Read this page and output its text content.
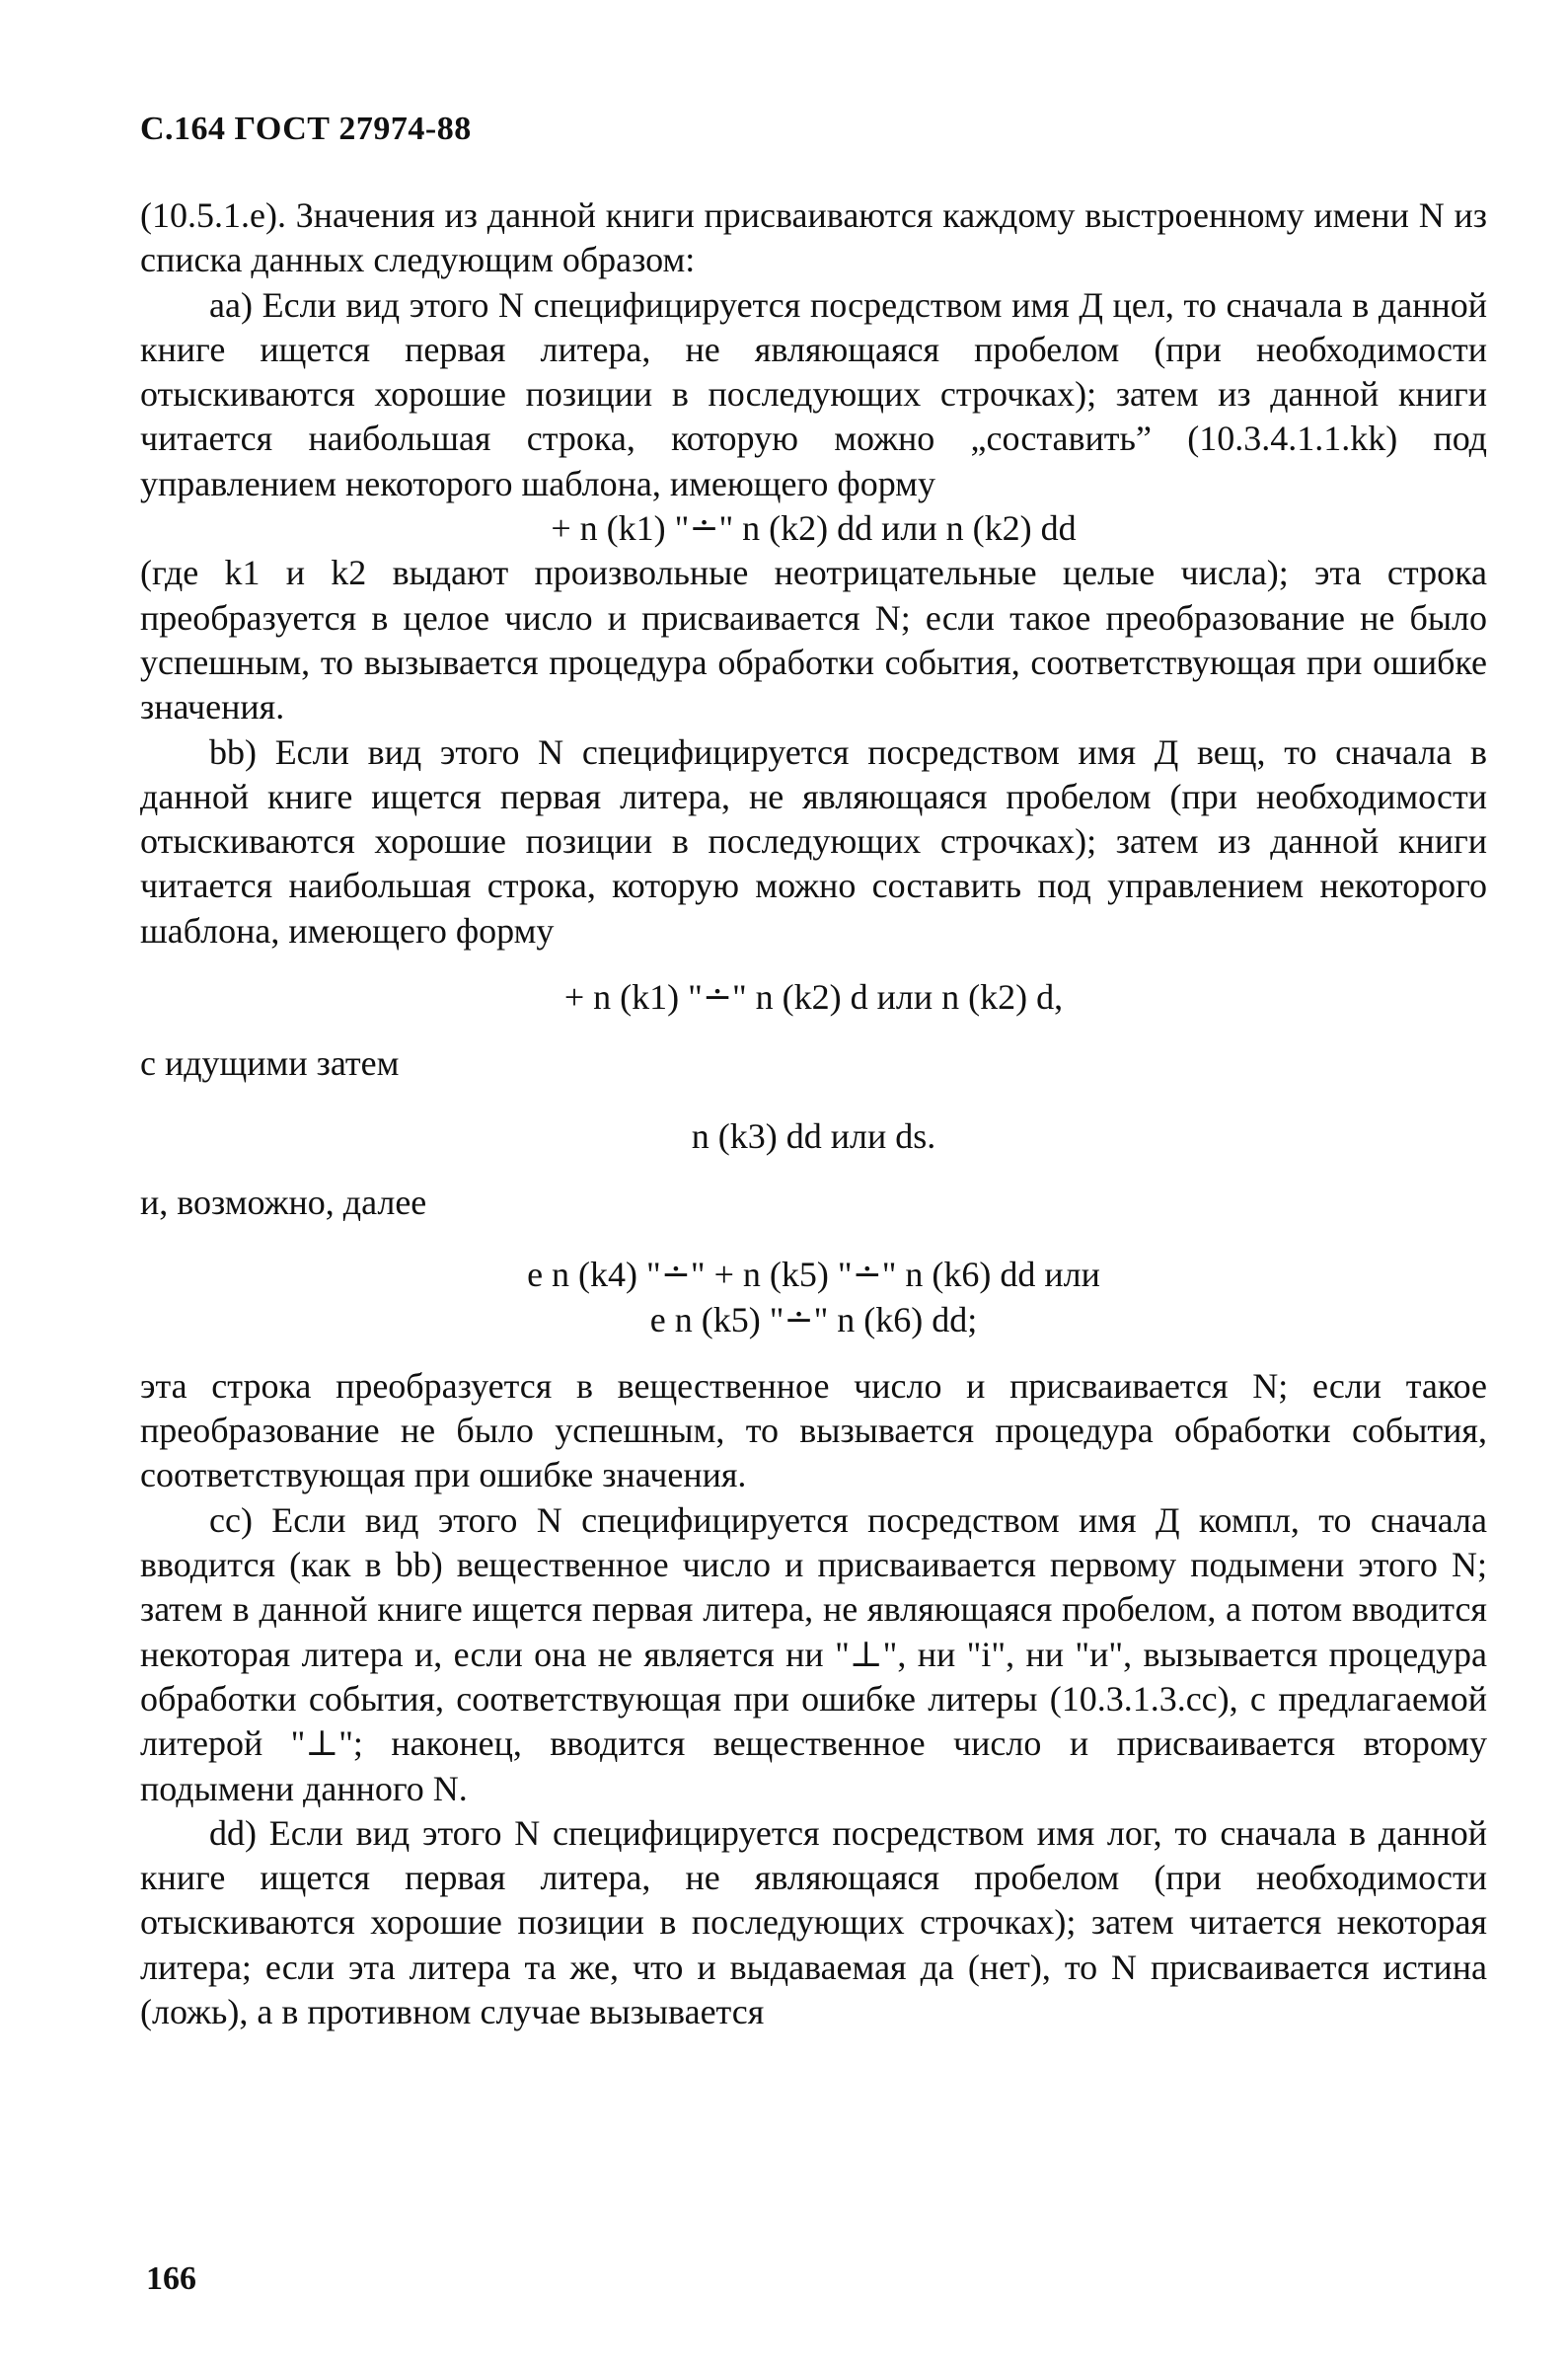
С.164 ГОСТ 27974-88

(10.5.1.е). Значения из данной книги присваиваются каждому выстроенному имени N из списка данных следующим образом:

аа) Если вид этого N специфицируется посредством имя Д цел, то сначала в данной книге ищется первая литера, не являющаяся пробелом (при необходимости отыскиваются хорошие позиции в последующих строчках); затем из данной книги читается наибольшая строка, которую можно „составить” (10.3.4.1.1.kk) под управлением некоторого шаблона, имеющего форму

+ n (k1) "∸" n (k2) dd или n (k2) dd

(где k1 и k2 выдают произвольные неотрицательные целые числа); эта строка преобразуется в целое число и присваивается N; если такое преобразование не было успешным, то вызывается процедура обработки события, соответствующая при ошибке значения.

bb) Если вид этого N специфицируется посредством имя Д вещ, то сначала в данной книге ищется первая литера, не являющаяся пробелом (при необходимости отыскиваются хорошие позиции в последующих строчках); затем из данной книги читается наибольшая строка, которую можно составить под управлением некоторого шаблона, имеющего форму

+ n (k1) "∸" n (k2) d или n (k2) d,

с идущими затем

n (k3) dd или ds.

и, возможно, далее

e n (k4) "∸" + n (k5) "∸" n (k6) dd или

e n (k5) "∸" n (k6) dd;

эта строка преобразуется в вещественное число и присваивается N; если такое преобразование не было успешным, то вызывается процедура обработки события, соответствующая при ошибке значения.

cc) Если вид этого N специфицируется посредством имя Д компл, то сначала вводится (как в bb) вещественное число и присваивается первому подымени этого N; затем в данной книге ищется первая литера, не являющаяся пробелом, а потом вводится некоторая литера и, если она не является ни "⊥", ни "i", ни "и", вызывается процедура обработки события, соответствующая при ошибке литеры (10.3.1.3.cc), с предлагаемой литерой "⊥"; наконец, вводится вещественное число и присваивается второму подымени данного N.

dd) Если вид этого N специфицируется посредством имя лог, то сначала в данной книге ищется первая литера, не являющаяся пробелом (при необходимости отыскиваются хорошие позиции в последующих строчках); затем читается некоторая литера; если эта литера та же, что и выдаваемая да (нет), то N присваивается истина (ложь), а в противном случае вызывается

166
